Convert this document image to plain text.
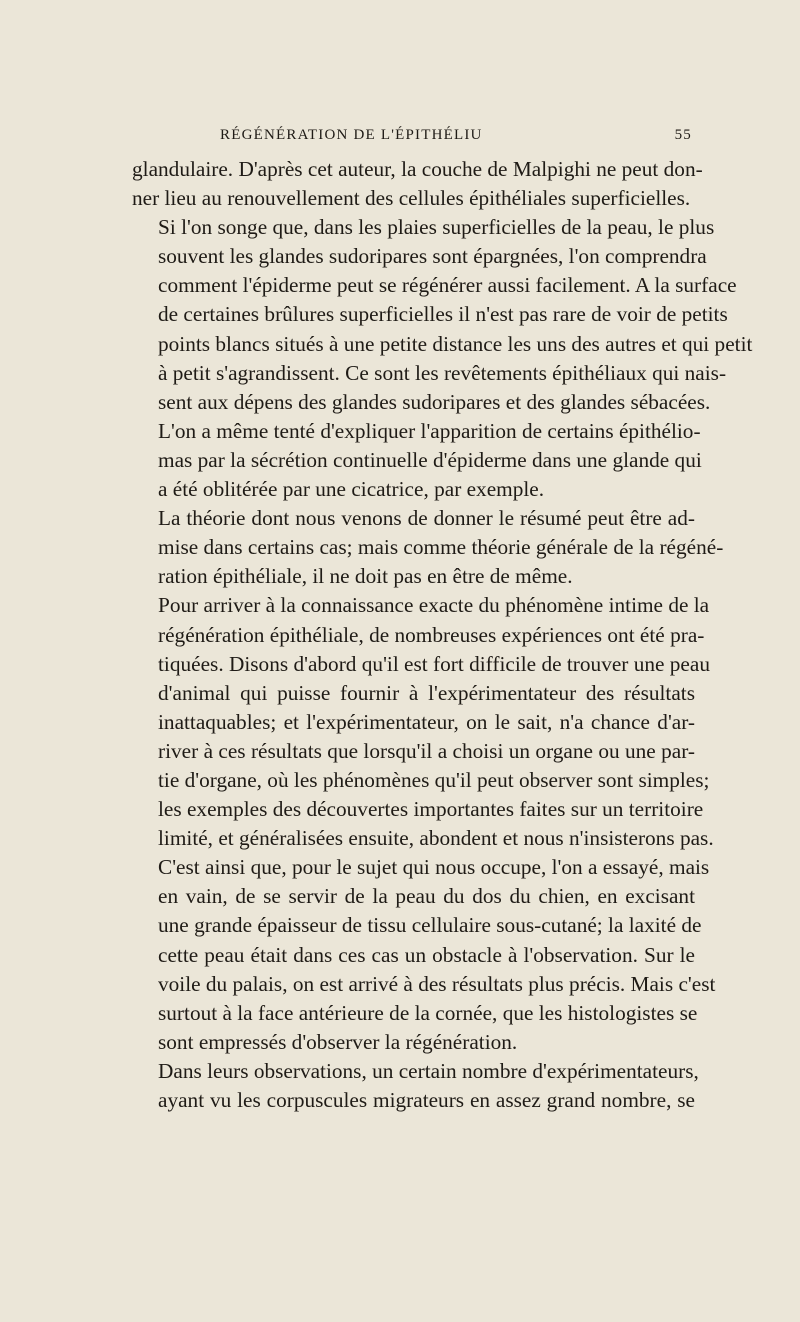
RÉGÉNÉRATION DE L'ÉPITHÉLIU	55

glandulaire. D'après cet auteur, la couche de Malpighi ne peut don-
ner lieu au renouvellement des cellules épithéliales superficielles.

Si l'on songe que, dans les plaies superficielles de la peau, le plus
souvent les glandes sudoripares sont épargnées, l'on comprendra
comment l'épiderme peut se régénérer aussi facilement. A la surface
de certaines brûlures superficielles il n'est pas rare de voir de petits
points blancs situés à une petite distance les uns des autres et qui petit
à petit s'agrandissent. Ce sont les revêtements épithéliaux qui nais-
sent aux dépens des glandes sudoripares et des glandes sébacées.
L'on a même tenté d'expliquer l'apparition de certains épithélio-
mas par la sécrétion continuelle d'épiderme dans une glande qui
a été oblitérée par une cicatrice, par exemple.

La théorie dont nous venons de donner le résumé peut être ad-
mise dans certains cas; mais comme théorie générale de la régéné-
ration épithéliale, il ne doit pas en être de même.

Pour arriver à la connaissance exacte du phénomène intime de la
régénération épithéliale, de nombreuses expériences ont été pra-
tiquées. Disons d'abord qu'il est fort difficile de trouver une peau
d'animal qui puisse fournir à l'expérimentateur des résultats
inattaquables; et l'expérimentateur, on le sait, n'a chance d'ar-
river à ces résultats que lorsqu'il a choisi un organe ou une par-
tie d'organe, où les phénomènes qu'il peut observer sont simples;
les exemples des découvertes importantes faites sur un territoire
limité, et généralisées ensuite, abondent et nous n'insisterons pas.
C'est ainsi que, pour le sujet qui nous occupe, l'on a essayé, mais
en vain, de se servir de la peau du dos du chien, en excisant
une grande épaisseur de tissu cellulaire sous-cutané; la laxité de
cette peau était dans ces cas un obstacle à l'observation. Sur le
voile du palais, on est arrivé à des résultats plus précis. Mais c'est
surtout à la face antérieure de la cornée, que les histologistes se
sont empressés d'observer la régénération.

Dans leurs observations, un certain nombre d'expérimentateurs,
ayant vu les corpuscules migrateurs en assez grand nombre, se
